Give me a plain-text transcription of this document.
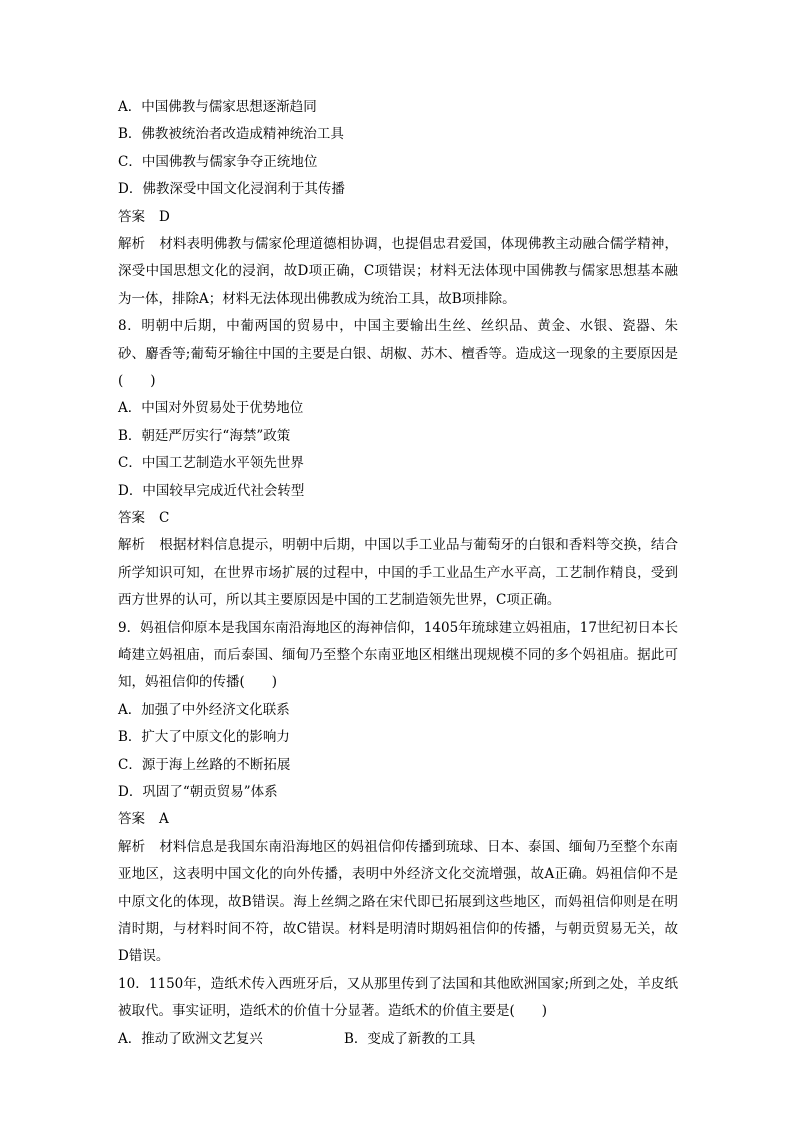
A．中国佛教与儒家思想逐渐趋同
B．佛教被统治者改造成精神统治工具
C．中国佛教与儒家争夺正统地位
D．佛教深受中国文化浸润利于其传播
答案 D
解析 材料表明佛教与儒家伦理道德相协调，也提倡忠君爱国，体现佛教主动融合儒学精神，深受中国思想文化的浸润，故D项正确，C项错误；材料无法体现中国佛教与儒家思想基本融为一体，排除A；材料无法体现出佛教成为统治工具，故B项排除。
8．明朝中后期，中葡两国的贸易中，中国主要输出生丝、丝织品、黄金、水银、瓷器、朱砂、麝香等;葡萄牙输往中国的主要是白银、胡椒、苏木、檀香等。造成这一现象的主要原因是(　　)
A．中国对外贸易处于优势地位
B．朝廷严厉实行“海禁”政策
C．中国工艺制造水平领先世界
D．中国较早完成近代社会转型
答案 C
解析 根据材料信息提示，明朝中后期，中国以手工业品与葡萄牙的白银和香料等交换，结合所学知识可知，在世界市场扩展的过程中，中国的手工业品生产水平高，工艺制作精良，受到西方世界的认可，所以其主要原因是中国的工艺制造领先世界，C项正确。
9．妈祖信仰原本是我国东南沿海地区的海神信仰，1405年琉球建立妈祖庙，17世纪初日本长崎建立妈祖庙，而后泰国、缅甸乃至整个东南亚地区相继出现规模不同的多个妈祖庙。据此可知，妈祖信仰的传播(　　)
A．加强了中外经济文化联系
B．扩大了中原文化的影响力
C．源于海上丝路的不断拓展
D．巩固了“朝贡贸易”体系
答案 A
解析 材料信息是我国东南沿海地区的妈祖信仰传播到琉球、日本、泰国、缅甸乃至整个东南亚地区，这表明中国文化的向外传播，表明中外经济文化交流增强，故A正确。妈祖信仰不是中原文化的体现，故B错误。海上丝绸之路在宋代即已拓展到这些地区，而妈祖信仰则是在明清时期，与材料时间不符，故C错误。材料是明清时期妈祖信仰的传播，与朝贡贸易无关，故D错误。
10．1150年，造纸术传入西班牙后，又从那里传到了法国和其他欧洲国家;所到之处，羊皮纸被取代。事实证明，造纸术的价值十分显著。造纸术的价值主要是(　　)
A．推动了欧洲文艺复兴	B．变成了新教的工具
